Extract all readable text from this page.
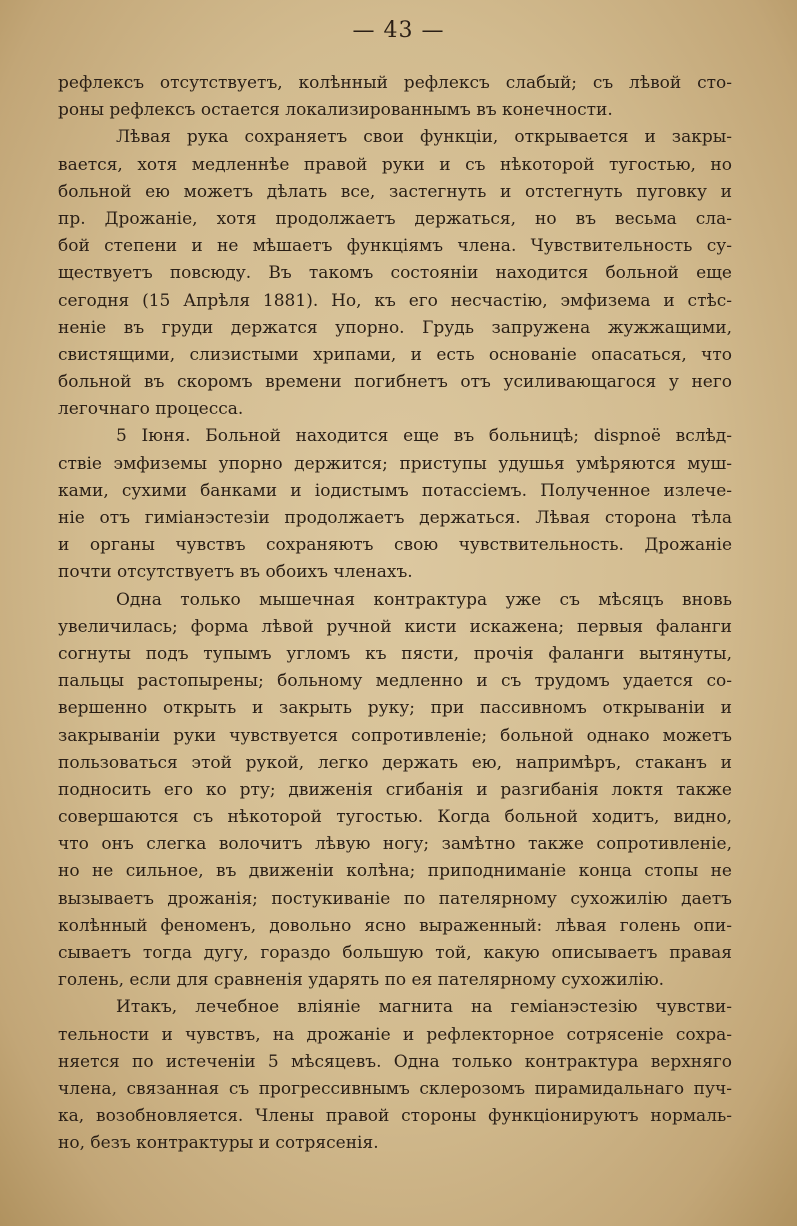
— 43 —
рефлексъ отсутствуетъ, колѣнный рефлексъ слабый; съ лѣвой сто-
роны рефлексъ остается локализированнымъ въ конечности.
Лѣвая рука сохраняетъ свои функціи, открывается и закры-
вается, хотя медленнѣе правой руки и съ нѣкоторой тугостью, но
больной ею можетъ дѣлать все, застегнуть и отстегнуть пуговку и
пр. Дрожаніе, хотя продолжаетъ держаться, но въ весьма сла-
бой степени и не мѣшаетъ функціямъ члена. Чувствительность су-
ществуетъ повсюду. Въ такомъ состояніи находится больной еще
сегодня (15 Апрѣля 1881). Но, къ его несчастію, эмфизема и стѣс-
неніе въ груди держатся упорно. Грудь запружена жужжащими,
свистящими, слизистыми хрипами, и есть основаніе опасаться, что
больной въ скоромъ времени погибнетъ отъ усиливающагося у него
легочнаго процесса.
5 Іюня. Больной находится еще въ больницѣ; dispnoë вслѣд-
ствіе эмфиземы упорно держится; приступы удушья умѣряются муш-
ками, сухими банками и іодистымъ потассіемъ. Полученное излече-
ніе отъ гиміанэстезіи продолжаетъ держаться. Лѣвая сторона тѣла
и органы чувствъ сохраняютъ свою чувствительность. Дрожаніе
почти отсутствуетъ въ обоихъ членахъ.
Одна только мышечная контрактура уже съ мѣсяцъ вновь
увеличилась; форма лѣвой ручной кисти искажена; первыя фаланги
согнуты подъ тупымъ угломъ къ пясти, прочія фаланги вытянуты,
пальцы растопырены; больному медленно и съ трудомъ удается со-
вершенно открыть и закрыть руку; при пассивномъ открываніи и
закрываніи руки чувствуется сопротивленіе; больной однако можетъ
пользоваться этой рукой, легко держать ею, напримѣръ, стаканъ и
подносить его ко рту; движенія сгибанія и разгибанія локтя также
совершаются съ нѣкоторой тугостью. Когда больной ходитъ, видно,
что онъ слегка волочитъ лѣвую ногу; замѣтно также сопротивленіе,
но не сильное, въ движеніи колѣна; приподниманіе конца стопы не
вызываетъ дрожанія; постукиваніе по пателярному сухожилію даетъ
колѣнный феноменъ, довольно ясно выраженный: лѣвая голень опи-
сываетъ тогда дугу, гораздо большую той, какую описываетъ правая
голень, если для сравненія ударять по ея пателярному сухожилію.
Итакъ, лечебное вліяніе магнита на геміанэстезію чувстви-
тельности и чувствъ, на дрожаніе и рефлекторное сотрясеніе сохра-
няется по истеченіи 5 мѣсяцевъ. Одна только контрактура верхняго
члена, связанная съ прогрессивнымъ склерозомъ пирамидальнаго пуч-
ка, возобновляется. Члены правой стороны функціонируютъ нормаль-
но, безъ контрактуры и сотрясенія.
